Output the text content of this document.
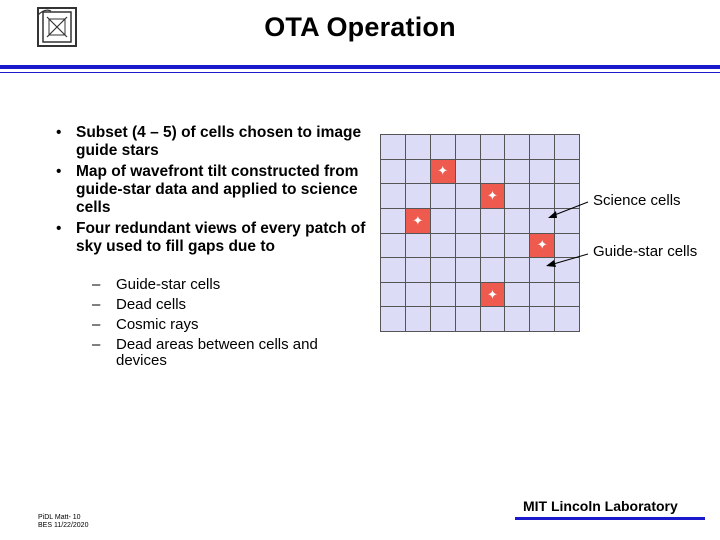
OTA Operation
• Subset (4 – 5) of cells chosen to image guide stars
• Map of wavefront tilt constructed from guide-star data and applied to science cells
• Four redundant views of every patch of sky used to fill gaps due to
– Guide-star cells
– Dead cells
– Cosmic rays
– Dead areas between cells and devices
✦
✦
✦
✦
✦
Science cells
Guide-star cells
PiDL Matt- 10
BES 11/22/2020
MIT Lincoln Laboratory
